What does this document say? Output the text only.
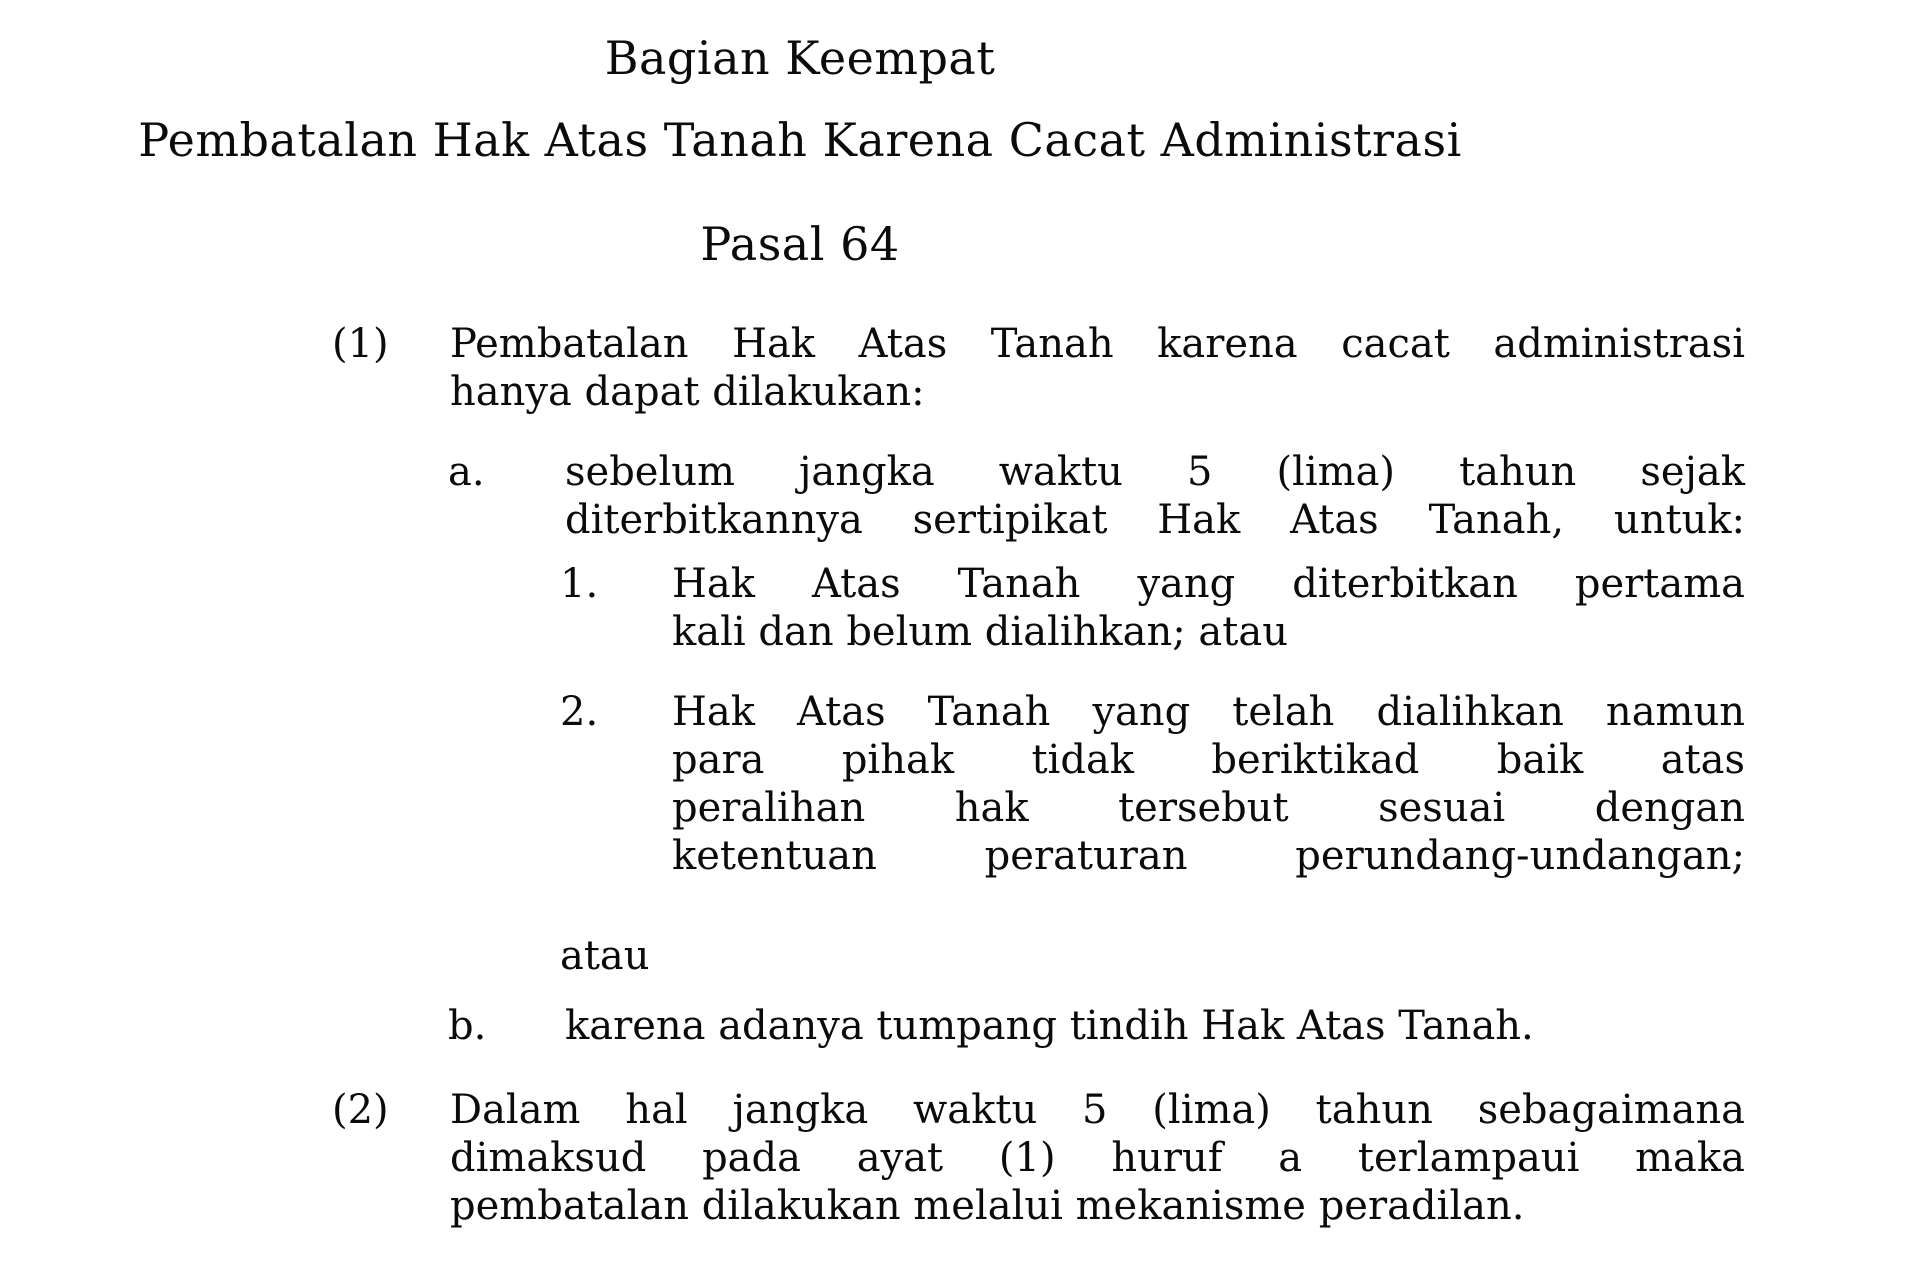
Bagian Keempat
Pembatalan Hak Atas Tanah Karena Cacat Administrasi
Pasal 64
(1)	Pembatalan Hak Atas Tanah karena cacat administrasi
hanya dapat dilakukan:
a.	sebelum jangka waktu 5 (lima) tahun sejak
diterbitkannya sertipikat Hak Atas Tanah, untuk:
1.	Hak Atas Tanah yang diterbitkan pertama
kali dan belum dialihkan; atau
2.	Hak Atas Tanah yang telah dialihkan namun
para pihak tidak beriktikad baik atas
peralihan hak tersebut sesuai dengan
ketentuan peraturan perundang-undangan;
atau
b.	karena adanya tumpang tindih Hak Atas Tanah.
(2)	Dalam hal jangka waktu 5 (lima) tahun sebagaimana
dimaksud pada ayat (1) huruf a terlampaui maka
pembatalan dilakukan melalui mekanisme peradilan.
